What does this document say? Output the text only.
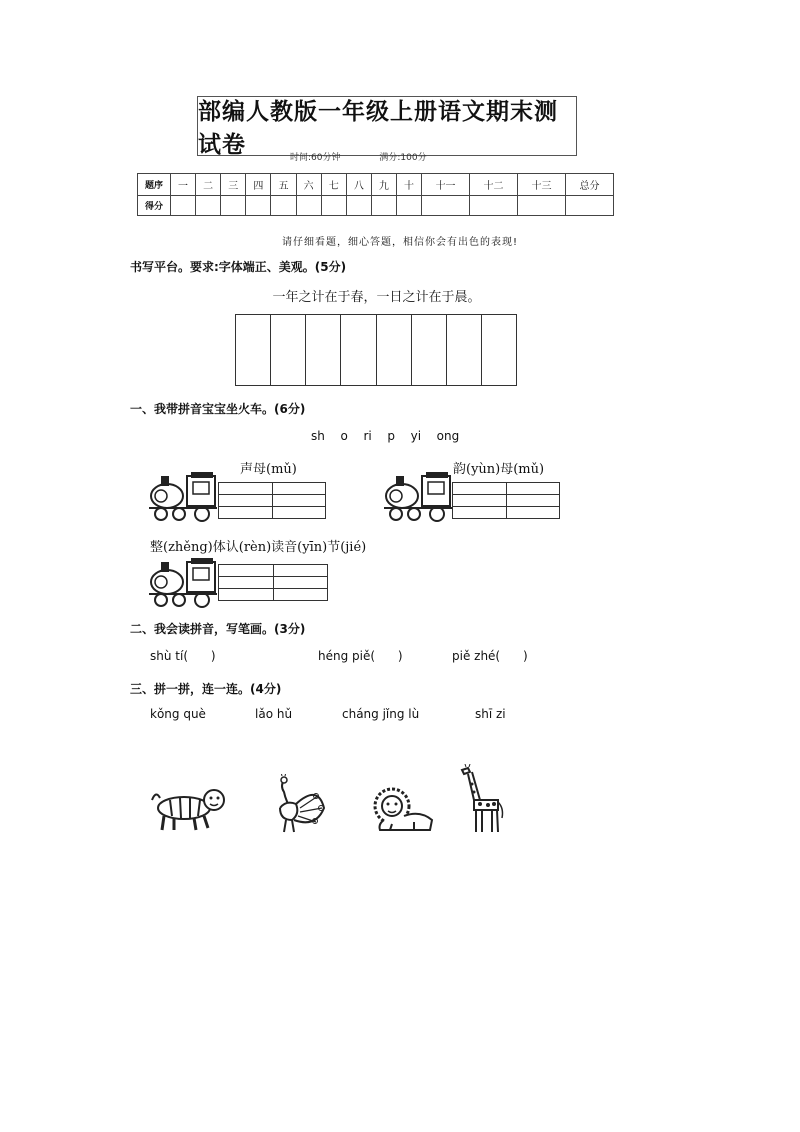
部编人教版一年级上册语文期末测试卷	时间:60分钟	满分:100分
题序	一	二	三	四	五	六	七	八	九	十	十一	十二	十三	总分
得分														
请仔细看题，细心答题，相信你会有出色的表现!
书写平台。要求:字体端正、美观。(5分)
一年之计在于春，一日之计在于晨。
一、我带拼音宝宝坐火车。(6分)
sh  o  ri  p  yi  ong
声母(mǔ)	韵(yùn)母(mǔ)
整(zhěng)体认(rèn)读音(yīn)节(jié)
二、我会读拼音，写笔画。(3分)
shù tí(      )	héng piě(      )	piě zhé(      )
三、拼一拼，连一连。(4分)
kǒng què	lǎo hǔ	cháng jǐng lù	shī zi
